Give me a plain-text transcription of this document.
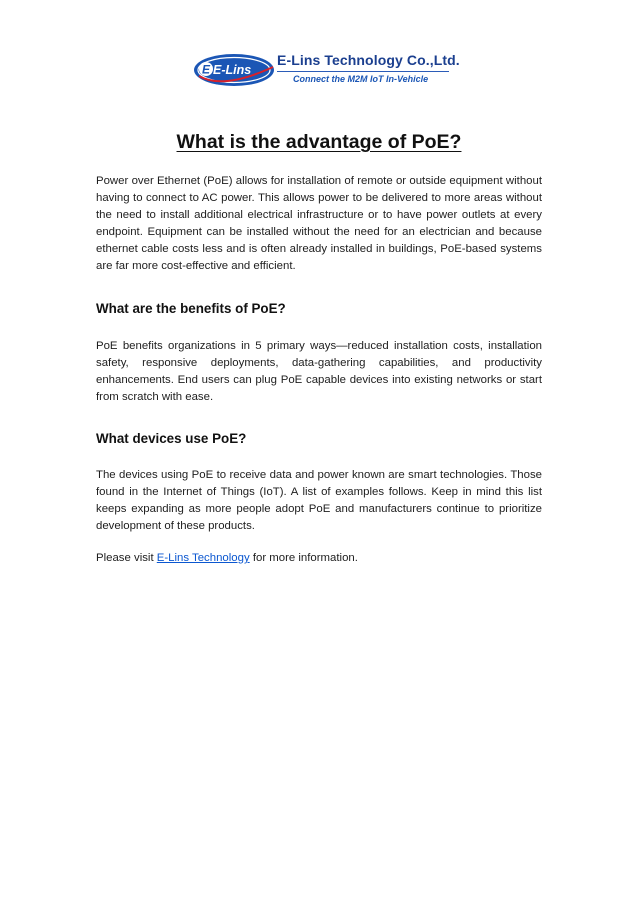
E E-Lins
E-Lins Technology Co.,Ltd.
Connect the M2M IoT In-Vehicle
What is the advantage of PoE?

Power over Ethernet (PoE) allows for installation of remote or outside equipment without having to connect to AC power. This allows power to be delivered to more areas without the need to install additional electrical infrastructure or to have power outlets at every endpoint. Equipment can be installed without the need for an electrician and because ethernet cable costs less and is often already installed in buildings, PoE-based systems are far more cost-effective and efficient.

What are the benefits of PoE?

PoE benefits organizations in 5 primary ways—reduced installation costs, installation safety, responsive deployments, data-gathering capabilities, and productivity enhancements. End users can plug PoE capable devices into existing networks or start from scratch with ease.

What devices use PoE?

The devices using PoE to receive data and power known are smart technologies. Those found in the Internet of Things (IoT). A list of examples follows. Keep in mind this list keeps expanding as more people adopt PoE and manufacturers continue to prioritize development of these products.

Please visit E-Lins Technology for more information.
